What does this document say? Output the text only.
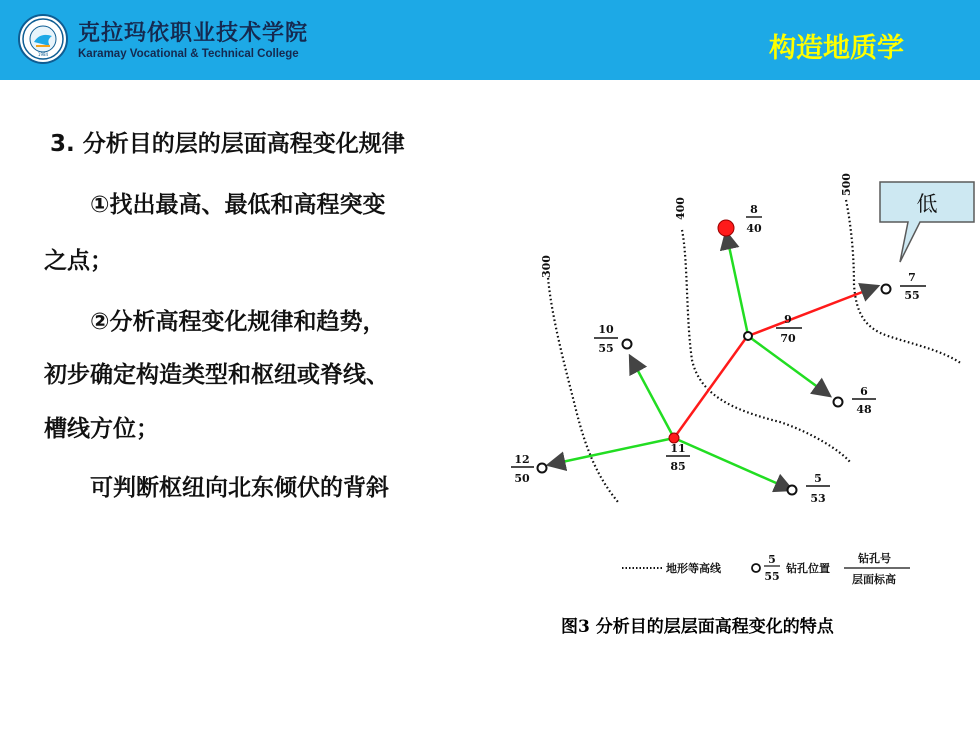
1984
克拉玛依职业技术学院
Karamay Vocational & Technical College	构造地质学
3. 分析目的层的层面高程变化规律
①找出最高、最低和高程突变
之点；
②分析高程变化规律和趋势，
初步确定构造类型和枢纽或脊线、
槽线方位；
可判断枢纽向北东倾伏的背斜
300
400
500
8
40
7
55
9
70
10
55
6
48
11
85
12
50	5
53
地形等高线
5
55
钻孔位置
钻孔号
层面标高
图3 分析目的层层面高程变化的特点
低
